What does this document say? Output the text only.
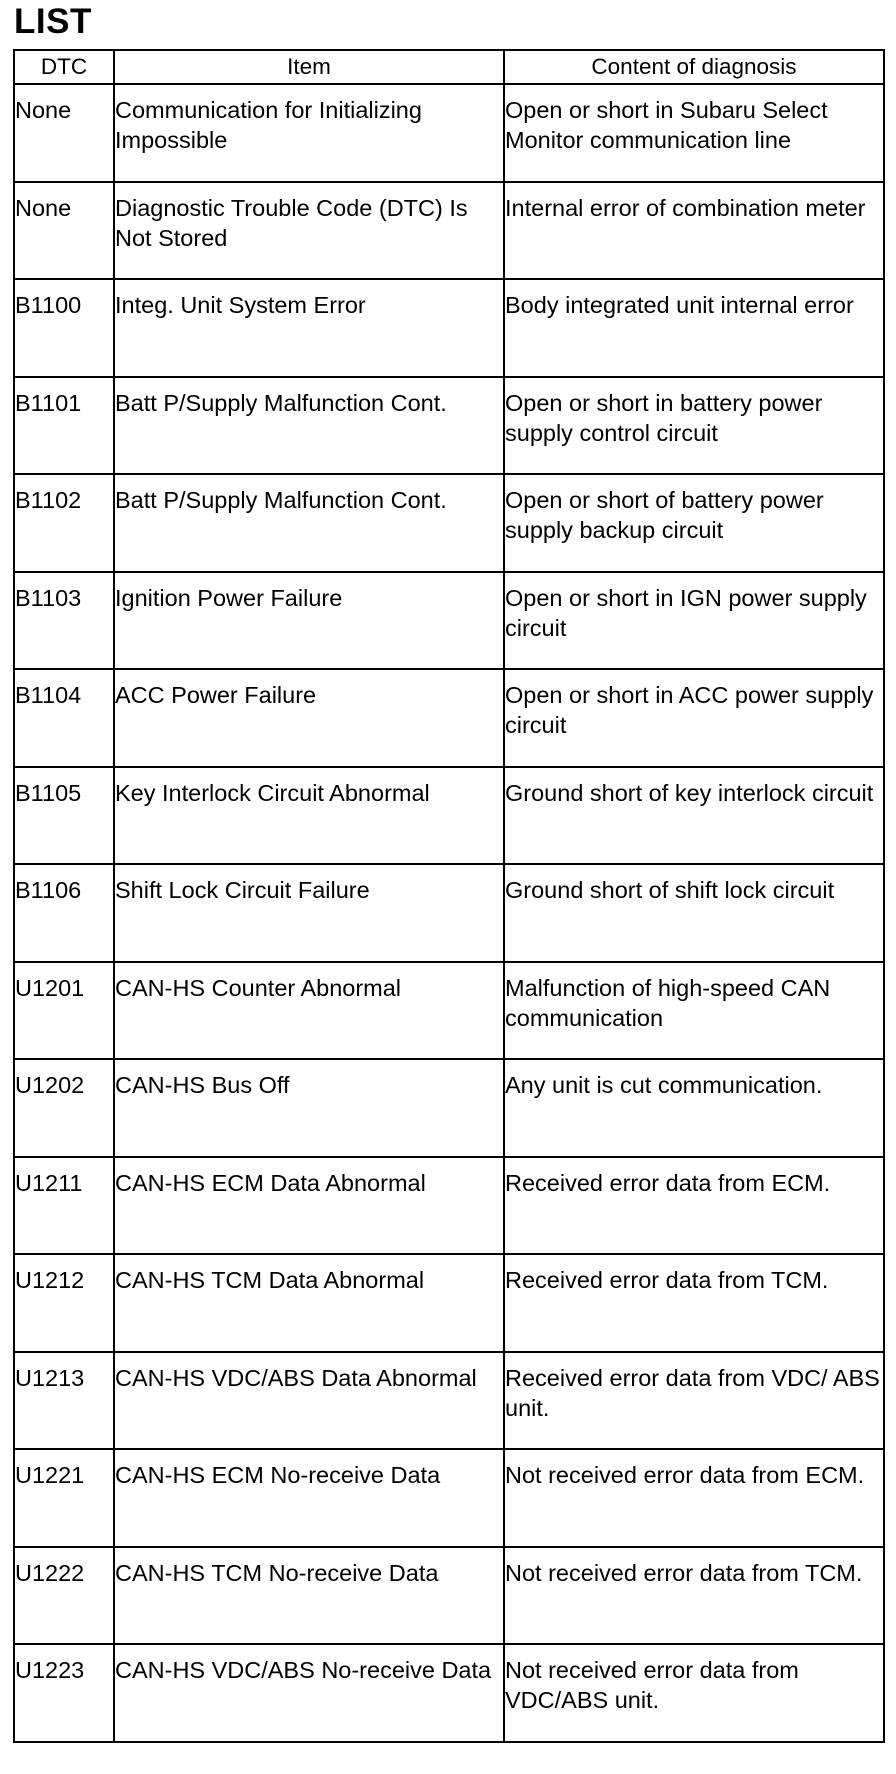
LIST
DTC	Item	Content of diagnosis
None	Communication for Initializing Impossible	Open or short in Subaru Select Monitor communication line
None	Diagnostic Trouble Code (DTC) Is Not Stored	Internal error of combination meter
B1100	Integ. Unit System Error	Body integrated unit internal error
B1101	Batt P/Supply Malfunction Cont.	Open or short in battery power supply control circuit
B1102	Batt P/Supply Malfunction Cont.	Open or short of battery power supply backup circuit
B1103	Ignition Power Failure	Open or short in IGN power supply circuit
B1104	ACC Power Failure	Open or short in ACC power supply circuit
B1105	Key Interlock Circuit Abnormal	Ground short of key interlock circuit
B1106	Shift Lock Circuit Failure	Ground short of shift lock circuit
U1201	CAN-HS Counter Abnormal	Malfunction of high-speed CAN communication
U1202	CAN-HS Bus Off	Any unit is cut communication.
U1211	CAN-HS ECM Data Abnormal	Received error data from ECM.
U1212	CAN-HS TCM Data Abnormal	Received error data from TCM.
U1213	CAN-HS VDC/ABS Data Abnormal	Received error data from VDC/ ABS unit.
U1221	CAN-HS ECM No-receive Data	Not received error data from ECM.
U1222	CAN-HS TCM No-receive Data	Not received error data from TCM.
U1223	CAN-HS VDC/ABS No-receive Data	Not received error data from VDC/ABS unit.
